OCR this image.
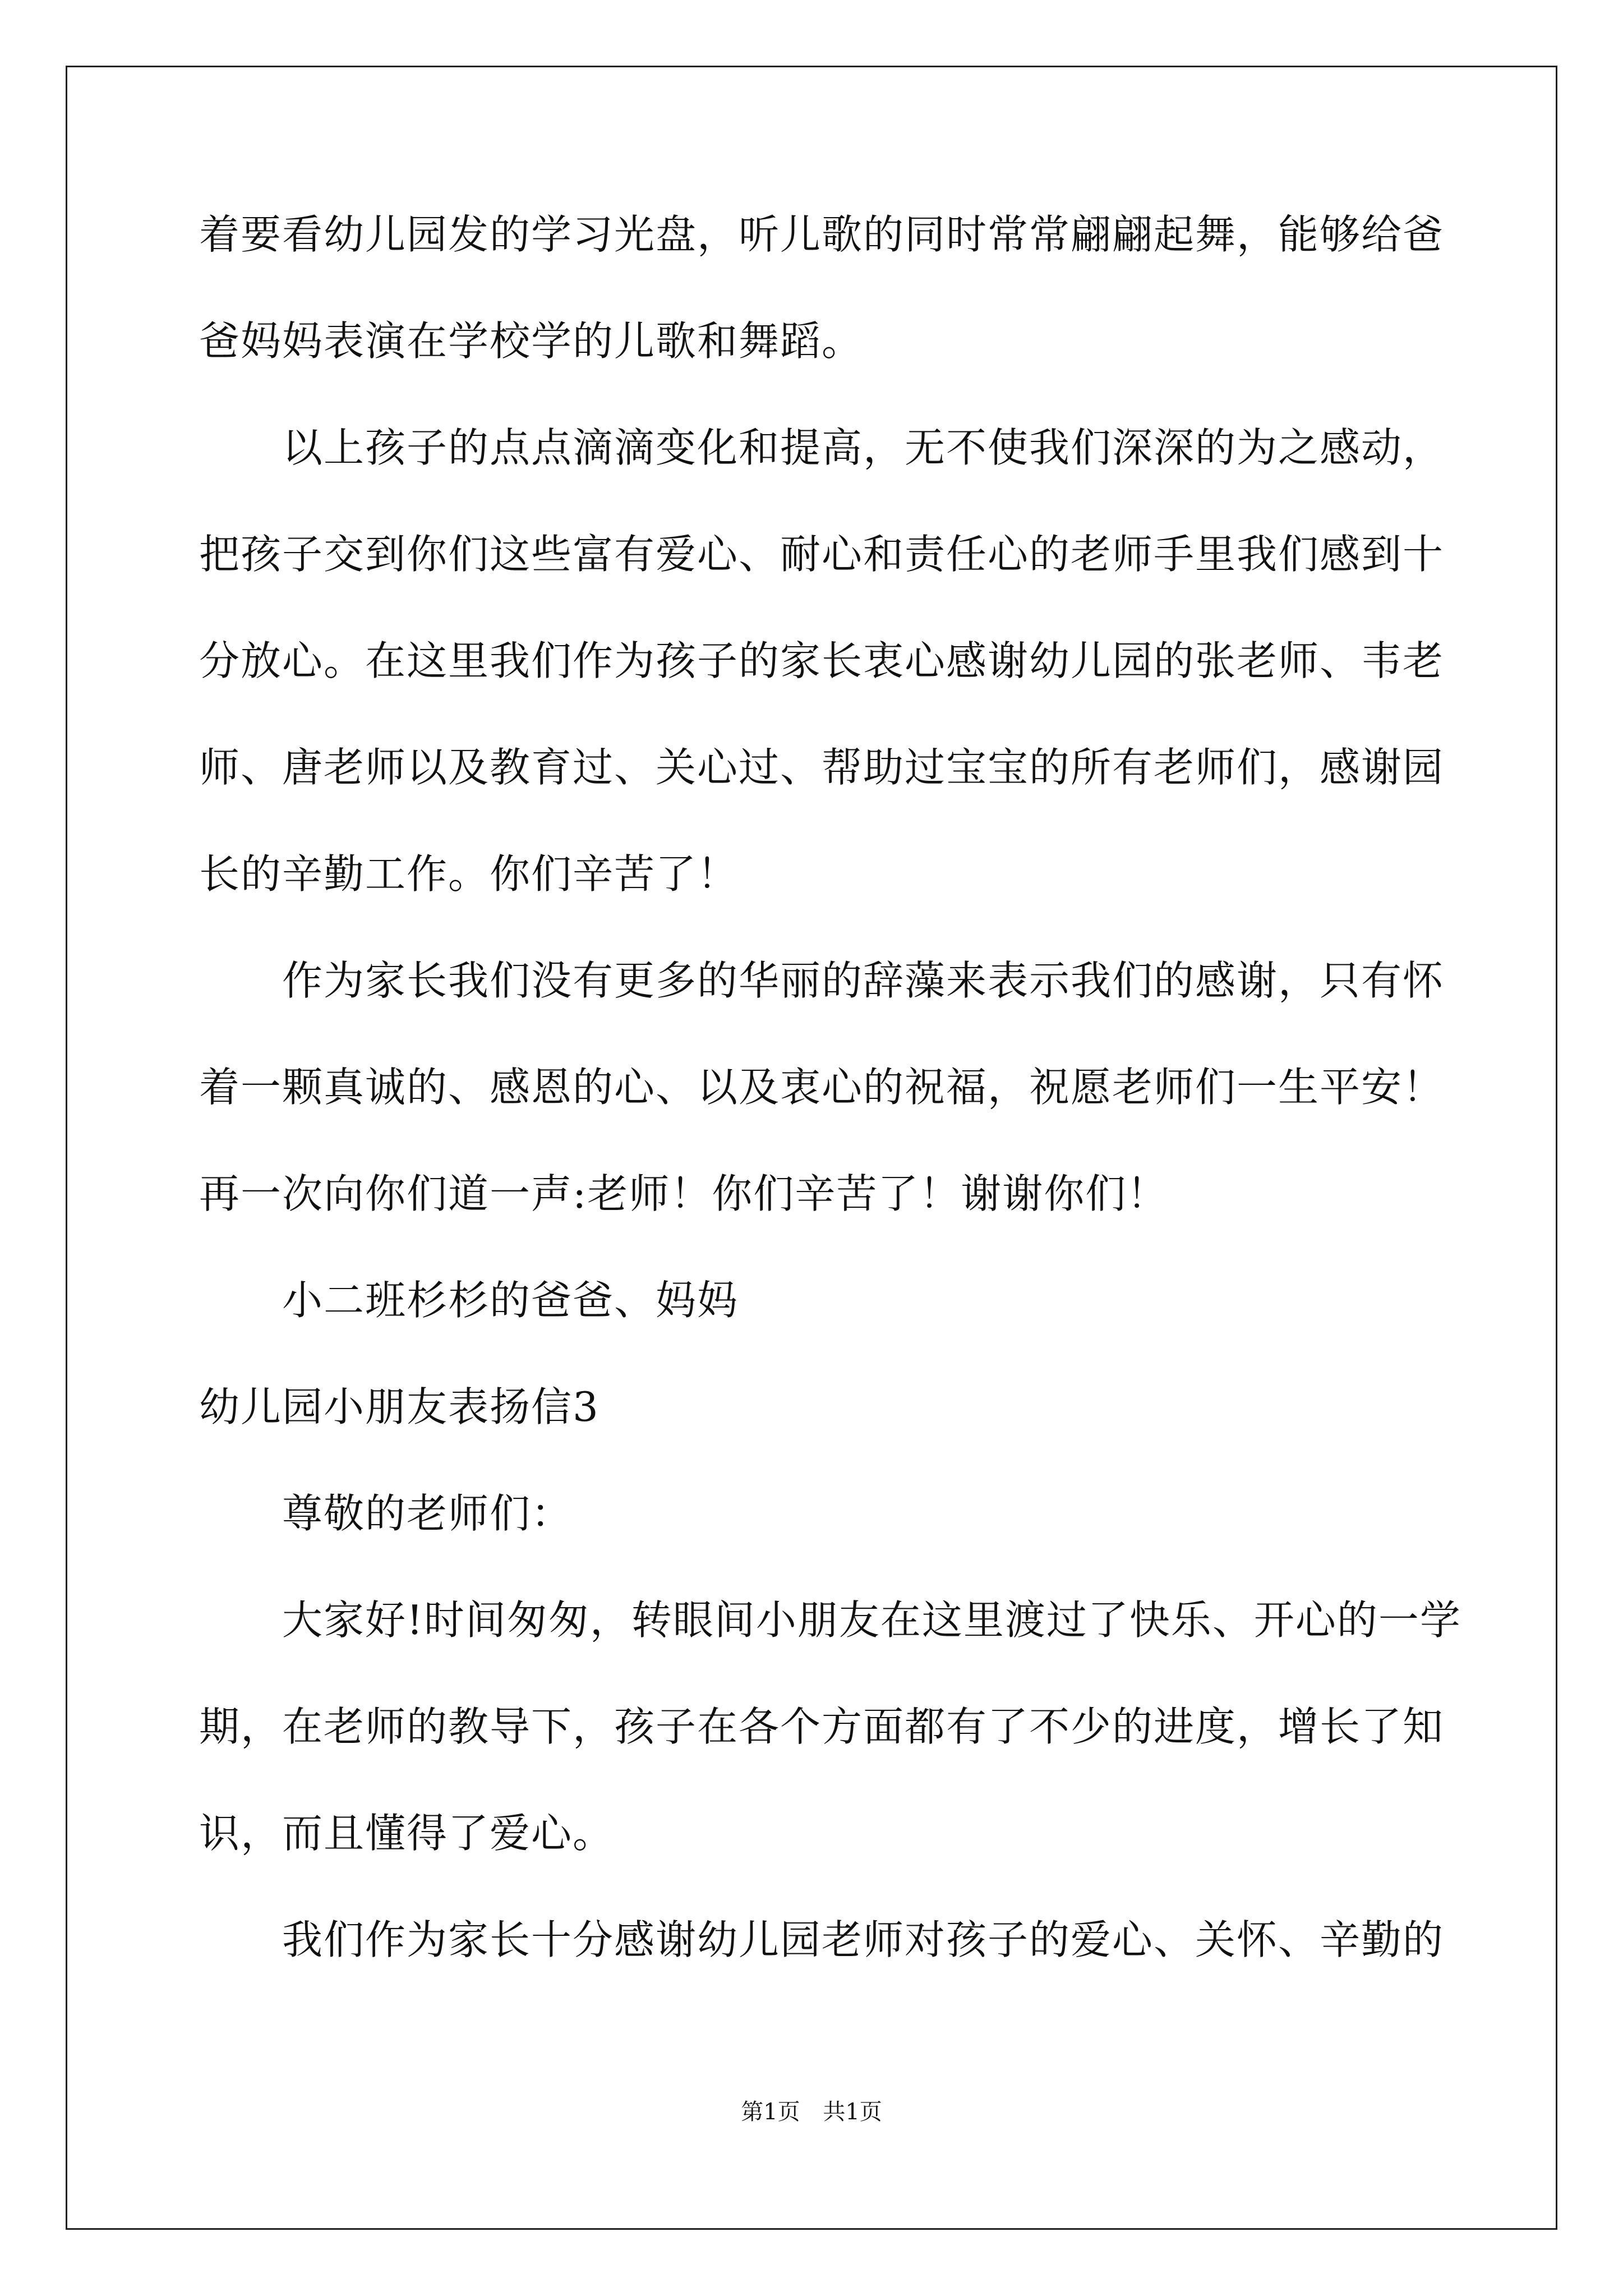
着要看幼儿园发的学习光盘，听儿歌的同时常常翩翩起舞，能够给爸

爸妈妈表演在学校学的儿歌和舞蹈。

　　以上孩子的点点滴滴变化和提高，无不使我们深深的为之感动，

把孩子交到你们这些富有爱心、耐心和责任心的老师手里我们感到十

分放心。在这里我们作为孩子的家长衷心感谢幼儿园的张老师、韦老

师、唐老师以及教育过、关心过、帮助过宝宝的所有老师们，感谢园

长的辛勤工作。你们辛苦了！

　　作为家长我们没有更多的华丽的辞藻来表示我们的感谢，只有怀

着一颗真诚的、感恩的心、以及衷心的祝福，祝愿老师们一生平安！

再一次向你们道一声:老师！你们辛苦了！谢谢你们！

　　小二班杉杉的爸爸、妈妈

幼儿园小朋友表扬信3

　　尊敬的老师们：

　　大家好!时间匆匆，转眼间小朋友在这里渡过了快乐、开心的一学

期，在老师的教导下，孩子在各个方面都有了不少的进度，增长了知

识，而且懂得了爱心。

　　我们作为家长十分感谢幼儿园老师对孩子的爱心、关怀、辛勤的

第1页 共1页
